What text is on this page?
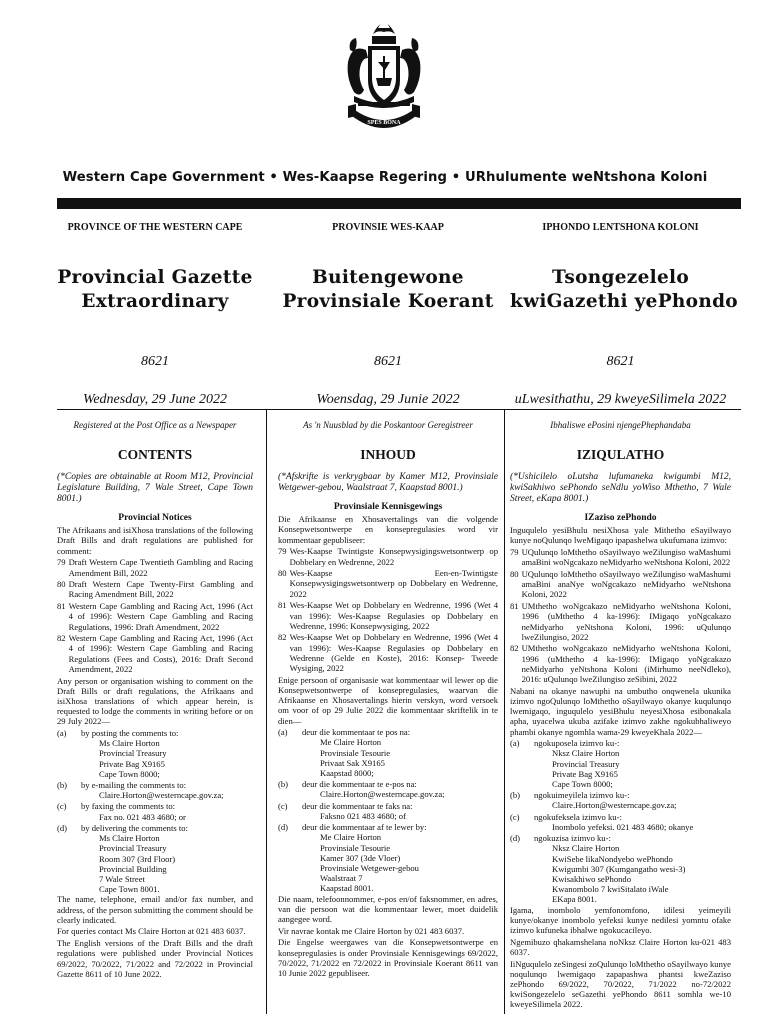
SPES BONA
Western Cape Government • Wes-Kaapse Regering • URhulumente weNtshona Koloni
PROVINCE OF THE WESTERN CAPE
Provincial Gazette
Extraordinary
8621
Wednesday, 29 June 2022
PROVINSIE WES-KAAP
Buitengewone
Provinsiale Koerant
8621
Woensdag, 29 Junie 2022
IPHONDO LENTSHONA KOLONI
Tsongezelelo
kwiGazethi yePhondo
8621
uLwesithathu, 29 kweyeSilimela 2022
Registered at the Post Office as a Newspaper
CONTENTS
(*Copies are obtainable at Room M12, Provincial Legislature Building, 7 Wale Street, Cape Town 8001.)
Provincial Notices
The Afrikaans and isiXhosa translations of the following Draft Bills and draft regulations are published for comment:
79 Draft Western Cape Twentieth Gambling and Racing Amendment Bill, 2022
80 Draft Western Cape Twenty-First Gambling and Racing Amendment Bill, 2022
81 Western Cape Gambling and Racing Act, 1996 (Act 4 of 1996): Western Cape Gambling and Racing Regulations, 1996: Draft Amendment, 2022
82 Western Cape Gambling and Racing Act, 1996 (Act 4 of 1996): Western Cape Gambling and Racing Regulations (Fees and Costs), 2016: Draft Second Amendment, 2022
Any person or organisation wishing to comment on the Draft Bills or draft regulations, the Afrikaans and isiXhosa translations of which appear herein, is requested to lodge the comments in writing before or on 29 July 2022—
(a)	by posting the comments to:
Ms Claire Horton
Provincial Treasury
Private Bag X9165
Cape Town 8000;
(b)	by e-mailing the comments to:
Claire.Horton@westerncape.gov.za;
(c)	by faxing the comments to:
Fax no. 021 483 4680; or
(d)	by delivering the comments to:
Ms Claire Horton
Provincial Treasury
Room 307 (3rd Floor)
Provincial Building
7 Wale Street
Cape Town 8001.
The name, telephone, email and/or fax number, and address, of the person submitting the comment should be clearly indicated.
For queries contact Ms Claire Horton at 021 483 6037.
The English versions of the Draft Bills and the draft regulations were published under Provincial Notices 69/2022, 70/2022, 71/2022 and 72/2022 in Provincial Gazette 8611 of 10 June 2022.
As 'n Nuusblad by die Poskantoor Geregistreer
INHOUD
(*Afskrifte is verkrygbaar by Kamer M12, Provinsiale Wetgewer-gebou, Waalstraat 7, Kaapstad 8001.)
Provinsiale Kennisgewings
Die Afrikaanse en Xhosavertalings van die volgende Konsepwetsontwerpe en konsepregulasies word vir kommentaar gepubliseer:
79 Wes-Kaapse Twintigste Konsepwysigingswetsontwerp op Dobbelary en Wedrenne, 2022
80 Wes-Kaapse Een-en-Twintigste Konsepwysigingswetsontwerp op Dobbelary en Wedrenne, 2022
81 Wes-Kaapse Wet op Dobbelary en Wedrenne, 1996 (Wet 4 van 1996): Wes-Kaapse Regulasies op Dobbelary en Wedrenne, 1996: Konsepwysiging, 2022
82 Wes-Kaapse Wet op Dobbelary en Wedrenne, 1996 (Wet 4 van 1996): Wes-Kaapse Regulasies op Dobbelary en Wedrenne (Gelde en Koste), 2016: Konsep- Tweede Wysiging, 2022
Enige persoon of organisasie wat kommentaar wil lewer op die Konsepwetsontwerpe of konsepregulasies, waarvan die Afrikaanse en Xhosavertalings hierin verskyn, word versoek om voor of op 29 Julie 2022 die kommentaar skriftelik in te dien—
(a)	deur die kommentaar te pos na:
Me Claire Horton
Provinsiale Tesourie
Privaat Sak X9165
Kaapstad 8000;
(b)	deur die kommentaar te e-pos na:
Claire.Horton@westerncape.gov.za;
(c)	deur die kommentaar te faks na:
Faksno 021 483 4680; of
(d)	deur die kommentaar af te lewer by:
Me Claire Horton
Provinsiale Tesourie
Kamer 307 (3de Vloer)
Provinsiale Wetgewer-gebou
Waalstraat 7
Kaapstad 8001.
Die naam, telefoonnommer, e-pos en/of faksnommer, en adres, van die persoon wat die kommentaar lewer, moet duidelik aangegee word.
Vir navrae kontak me Claire Horton by 021 483 6037.
Die Engelse weergawes van die Konsepwetsontwerpe en konsepregulasies is onder Provinsiale Kennisgewings 69/2022, 70/2022, 71/2022 en 72/2022 in Provinsiale Koerant 8611 van 10 Junie 2022 gepubliseer.
Ibhaliswe ePosini njengePhephandaba
IZIQULATHO
(*Ushicilelo oLutsha lufumaneka kwigumbi M12, kwiSakhiwo sePhondo seNdlu yoWiso Mthetho, 7 Wale Street, eKapa 8001.)
IZaziso zePhondo
Inguqulelo yesiBhulu nesiXhosa yale Mithetho eSayilwayo kunye noQulunqo lweMigaqo ipapashelwa ukufumana izimvo:
79 UQulunqo loMthetho oSayilwayo weZilungiso waMashumi amaBini woNgcakazo neMidyarho weNtshona Koloni, 2022
80 UQulunqo loMthetho oSayilwayo weZilungiso waMashumi amaBini anaNye woNgcakazo neMidyarho weNtshona Koloni, 2022
81 UMthetho woNgcakazo neMidyarho weNtshona Koloni, 1996 (uMthetho 4 ka-1996): IMigaqo yoNgcakazo neMidyarho yeNtshona Koloni, 1996: uQulunqo lweZilungiso, 2022
82 UMthetho woNgcakazo neMidyarho weNtshona Koloni, 1996 (uMthetho 4 ka-1996): IMigaqo yoNgcakazo neMidyarho yeNtshona Koloni (iMirhumo neeNdleko), 2016: uQulunqo lweZilungiso zeSibini, 2022
Nabani na okanye nawuphi na umbutho onqwenela ukunika izimvo ngoQulunqo loMthetho oSayilwayo okanye kuqulunqo lwemigaqo, inguqulelo yesiBhulu neyesiXhosa esibonakala apha, uyacelwa ukuba azifake izimvo zakhe ngokubhaliweyo phambi okanye ngomhla wama-29 kweyeKhala 2022—
(a)	ngokuposela izimvo ku-:
Nksz Claire Horton
Provincial Treasury
Private Bag X9165
Cape Town 8000;
(b)	ngokuimeyilela izimvo ku-:
Claire.Horton@westerncape.gov.za;
(c)	ngokufeksela izimvo ku-:
Inombolo yefeksi. 021 483 4680; okanye
(d)	ngokuzisa izimvo ku-:
Nksz Claire Horton
KwiSebe likaNondyebo wePhondo
Kwigumbi 307 (Kumgangatho wesi-3)
Kwisakhiwo sePhondo
Kwanombolo 7 kwiSitalato iWale
EKapa 8001.
Igama, inombolo yemfonomfono, idilesi yeimeyili kunye/okanye inombolo yefeksi kunye nedilesi yomntu ofake izimvo kufuneka ibhalwe ngokucacileyo.
Ngemibuzo qhakamshelana noNksz Claire Horton ku-021 483 6037.
IiNguqulelo zeSingesi zoQulunqo loMthetho oSayilwayo kunye noqulunqo lwemigaqo zapapashwa phantsi kweZaziso zePhondo 69/2022, 70/2022, 71/2022 no-72/2022 kwiSongezelelo seGazethi yePhondo 8611 somhla we-10 kweyeSilimela 2022.
